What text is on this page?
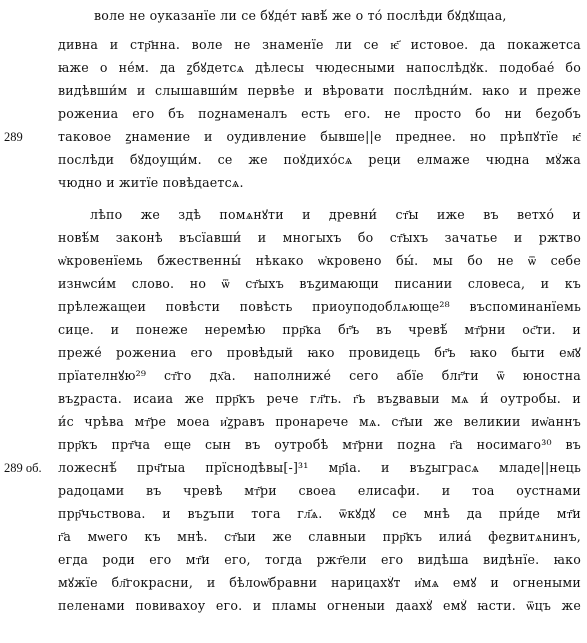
воле не оуказанїе ли се бꙋде́т ꙗвѣ́ же о то́ послѣди бꙋдꙋщаа,
дивна и стр҃нна. воле не знаменїе ли се ѥ҃ истовое. да покажетса
ꙗже о не́м. да ꙁбꙋдетсѧ дѣлесы чюдесными напослѣдꙋ́к. подобае́ бо
видѣвши́м и слышавши́м первѣе и вѣровати послѣдни́м. ꙗко и преже
рожениа его бъ поꙁнаменалъ есть его. не просто бо ни беꙁобъ
таковое ꙁнамение и оудивление бывше||е преднее. но прѣпꙋтїе ѥ҃
послѣди бꙋдоущи́м. се же поꙋ́дихо́сѧ реци елмаже чюдна мꙋ́жа
чюдно и житїе повѣдаетсѧ.
лѣпо же здѣ помѧнꙋти и древни́ ст҃ы иже въ ветхо́ и
новѣ́м законѣ въсїавши́ и многыхъ бо ст҃ыхъ зачатье и ржтво
ѡ҆кровенїемь бжественны́ нѣкако ѡ҆кровено бы́. мы бо не ѿ себе
изнѡси́м слово. но ѿ ст҃ыхъ въꙁимающи писании словеса, и къ
прѣлежащеи повѣсти повѣсть приоуподоблѧюще²⁸ въспоминанїемь
сице. и понеже неремѣю прр҃ка бг҃ъ въ чревѣ́ мт҃рни ос҃ти. и
преже́ рожениа его провѣдый ꙗко провидець бг҃ъ ꙗко быти ем҃ꙋ
прїателнꙋю²⁹ ст҃го дх҃а. наполниже́ сего абїе блг҃ти ѿ юностна
въꙁраста. исаиа же прр҃къ рече гл҃ть. г҃ь въꙁвавыи мѧ и́ оутробы. и
и́с чрѣва мт҃ре моеа и҆ꙁравъ пронарече мѧ. ст҃ыи же великии иѡ҆аннъ
прр҃къ прт҃ча еще сын въ оутробѣ мт҃рни поꙁна г҃а носимаго³⁰ въ
ложеснѣ́ прч҃тыа прїснодѣвы[-]³¹ мр҃іа. и въꙁыграсѧ младе||нець
радоцами въ чревѣ мт҃ри своеа елисафи. и тоа оустнами
прр҃чьствова. и въꙁъпи тога гл҃ѧ. ѿкꙋдꙋ се мнѣ да при́де мт҃и
г҃а мѡего къ мнѣ. ст҃ыи же славныи прр҃къ илиа́ феꙁвитѧнинъ,
егда роди его мт҃и его, тогда ржт҃ели его видѣша видѣнїе. ꙗко
мꙋжїе бл҃гокрасни, и бѣлоѡ҆бравни нарицахꙋ́т и҆мѧ емꙋ и огнеными
пеленами повивахоу его. и пламы огненыи даахꙋ́ емꙋ́ ꙗсти. ѿцъ же
289
289 об.
